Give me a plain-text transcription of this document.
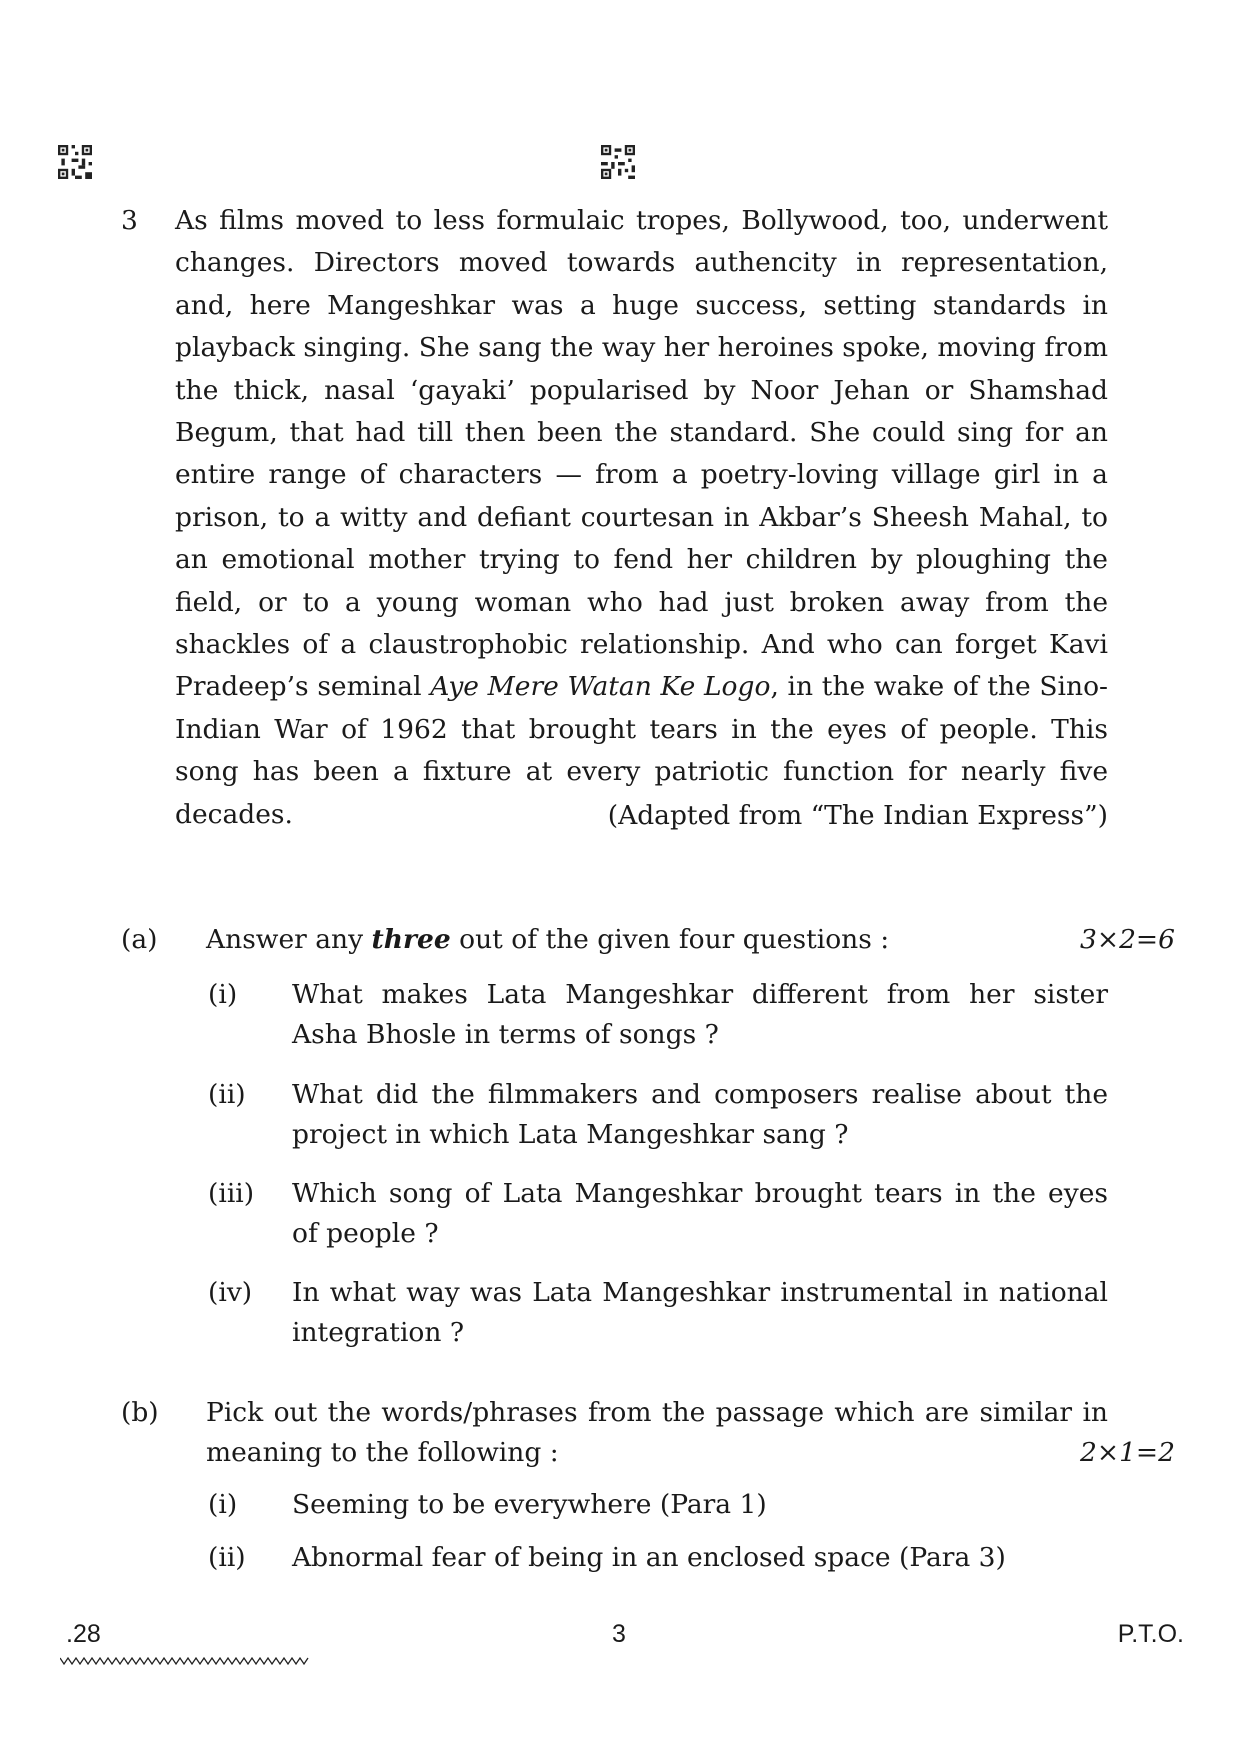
3 As films moved to less formulaic tropes, Bollywood, too, underwent changes. Directors moved towards authencity in representation, and, here Mangeshkar was a huge success, setting standards in playback singing. She sang the way her heroines spoke, moving from the thick, nasal ‘gayaki’ popularised by Noor Jehan or Shamshad Begum, that had till then been the standard. She could sing for an entire range of characters — from a poetry-loving village girl in a prison, to a witty and defiant courtesan in Akbar’s Sheesh Mahal, to an emotional mother trying to fend her children by ploughing the field, or to a young woman who had just broken away from the shackles of a claustrophobic relationship. And who can forget Kavi Pradeep’s seminal Aye Mere Watan Ke Logo, in the wake of the Sino-Indian War of 1962 that brought tears in the eyes of people. This song has been a fixture at every patriotic function for nearly five decades.	(Adapted from “The Indian Express”)
(a) Answer any three out of the given four questions :	3×2=6
(i) What makes Lata Mangeshkar different from her sister Asha Bhosle in terms of songs ?
(ii) What did the filmmakers and composers realise about the project in which Lata Mangeshkar sang ?
(iii) Which song of Lata Mangeshkar brought tears in the eyes of people ?
(iv) In what way was Lata Mangeshkar instrumental in national integration ?
(b) Pick out the words/phrases from the passage which are similar in meaning to the following :	2×1=2
(i) Seeming to be everywhere (Para 1)
(ii) Abnormal fear of being in an enclosed space (Para 3)
.28	3	P.T.O.
